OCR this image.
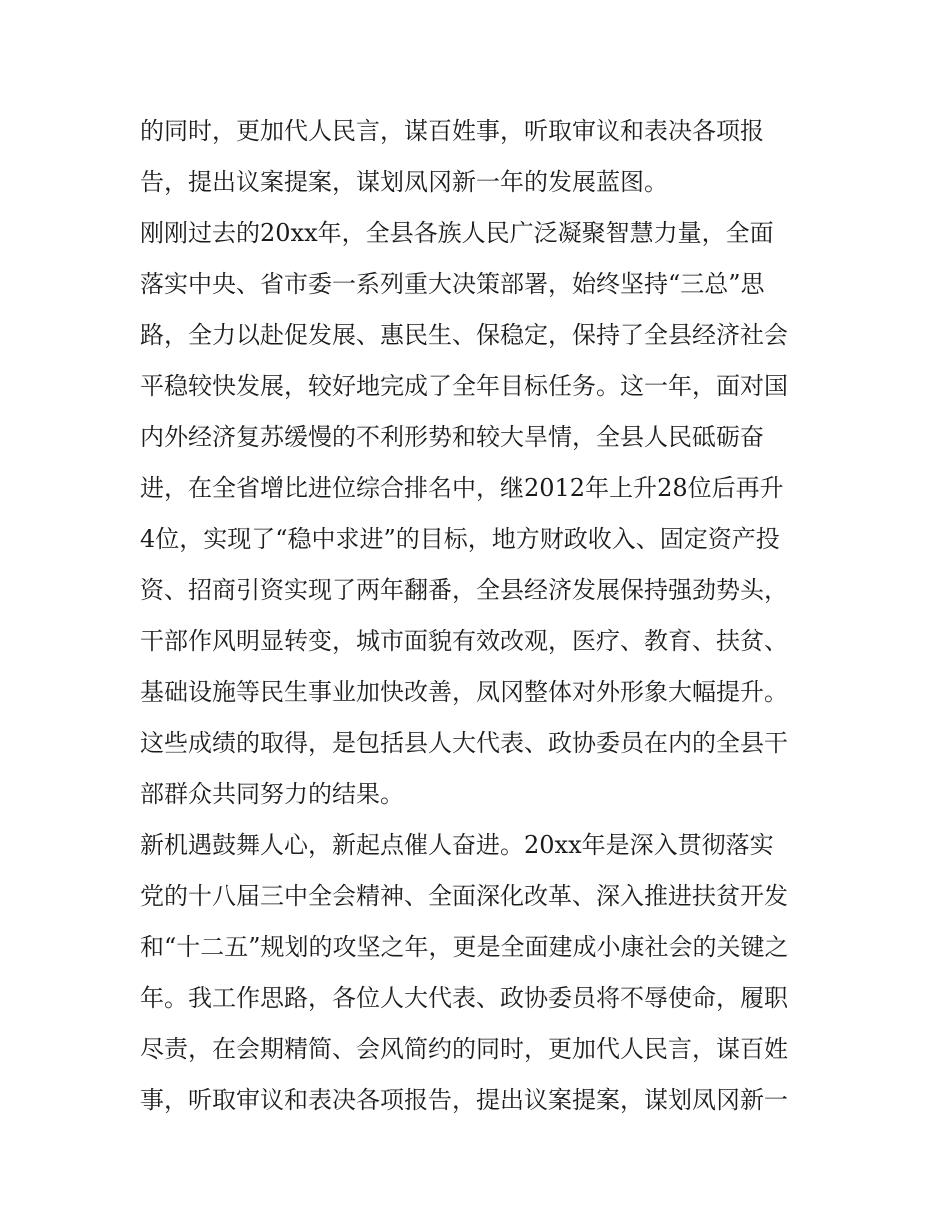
的同时，更加代人民言，谋百姓事，听取审议和表决各项报
告，提出议案提案，谋划凤冈新一年的发展蓝图。
刚刚过去的20xx年，全县各族人民广泛凝聚智慧力量，全面
落实中央、省市委一系列重大决策部署，始终坚持“三总”思
路，全力以赴促发展、惠民生、保稳定，保持了全县经济社会
平稳较快发展，较好地完成了全年目标任务。这一年，面对国
内外经济复苏缓慢的不利形势和较大旱情，全县人民砥砺奋
进，在全省增比进位综合排名中，继2012年上升28位后再升
4位，实现了“稳中求进”的目标，地方财政收入、固定资产投
资、招商引资实现了两年翻番，全县经济发展保持强劲势头，
干部作风明显转变，城市面貌有效改观，医疗、教育、扶贫、
基础设施等民生事业加快改善，凤冈整体对外形象大幅提升。
这些成绩的取得，是包括县人大代表、政协委员在内的全县干
部群众共同努力的结果。
新机遇鼓舞人心，新起点催人奋进。20xx年是深入贯彻落实
党的十八届三中全会精神、全面深化改革、深入推进扶贫开发
和“十二五”规划的攻坚之年，更是全面建成小康社会的关键之
年。我工作思路，各位人大代表、政协委员将不辱使命，履职
尽责，在会期精简、会风简约的同时，更加代人民言，谋百姓
事，听取审议和表决各项报告，提出议案提案，谋划凤冈新一
